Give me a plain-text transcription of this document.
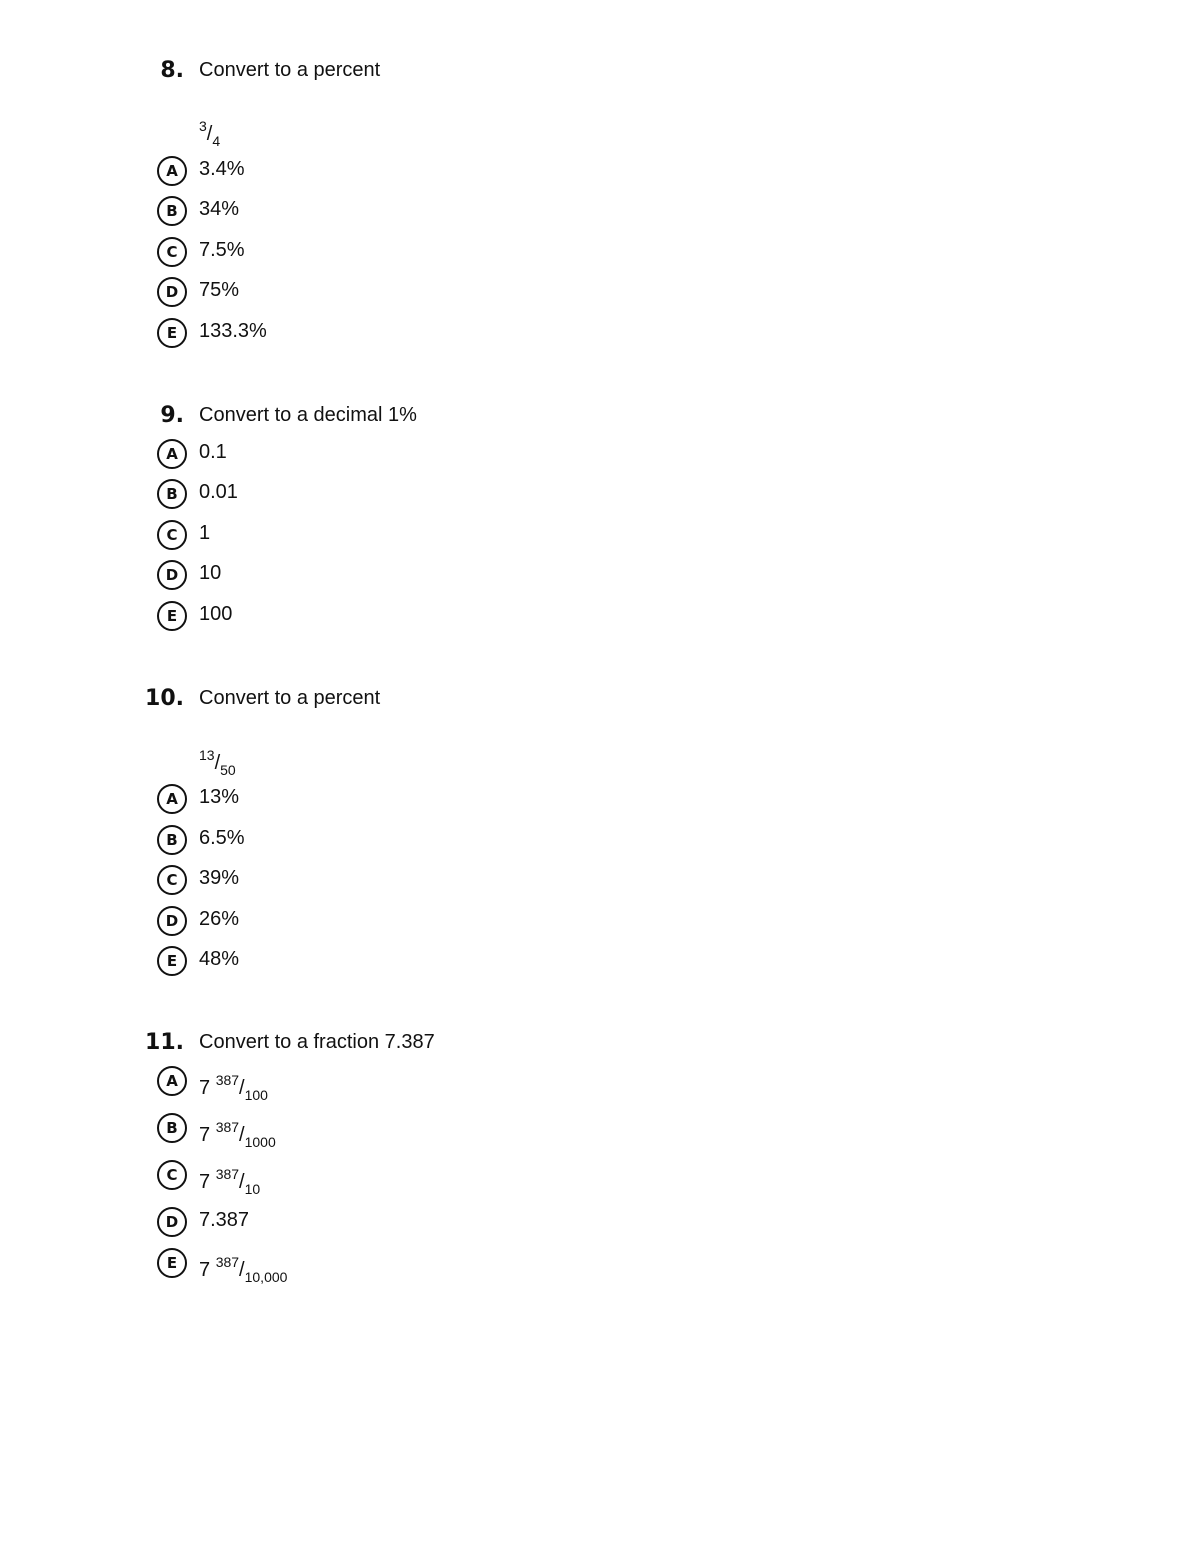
8. Convert to a percent
$^3/_4$
A	3.4%
B	34%
C	7.5%
D	75%
E	133.3%
9. Convert to a decimal 1%
A	0.1
B	0.01
C	1
D	10
E	100
10. Convert to a percent
$^{13}/_{50}$
A	13%
B	6.5%
C	39%
D	26%
E	48%
11. Convert to a fraction 7.387
A	7 $^{387}/_{100}$
B	7 $^{387}/_{1000}$
C	7 $^{387}/_{10}$
D	7.387
E	7 $^{387}/_{10,000}$
